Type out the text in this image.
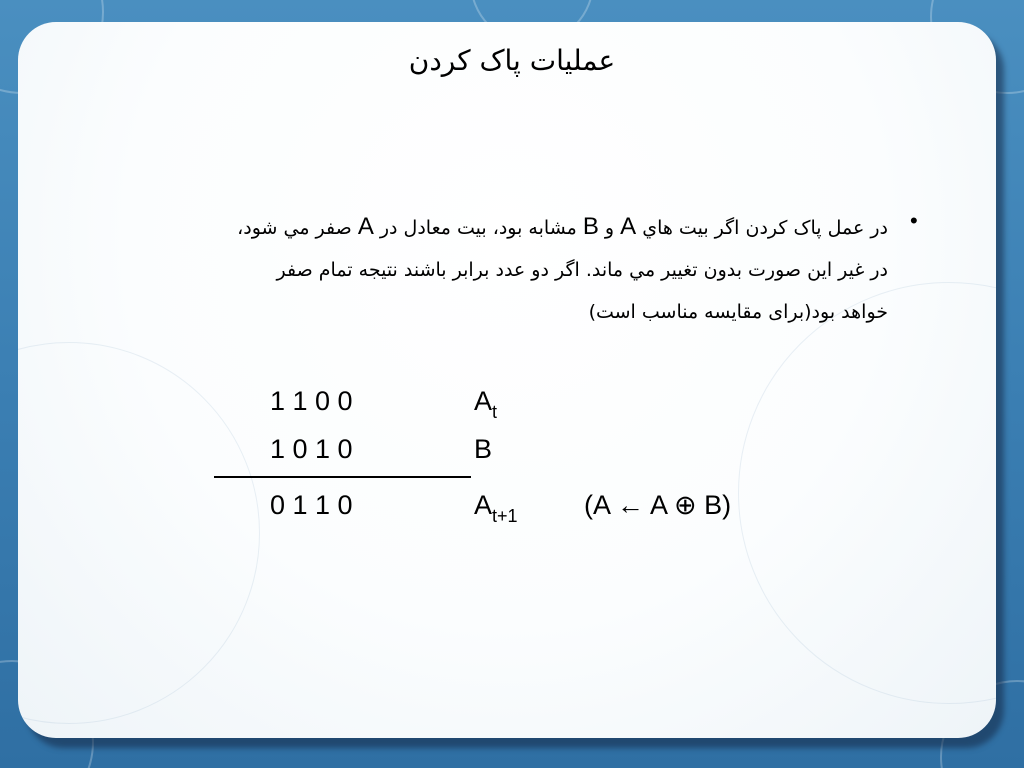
عمليات پاک کردن
•
در عمل پاک کردن اگر بيت هاي A و B مشابه بود، بيت معادل در A صفر مي شود،
در غير اين صورت بدون تغيير مي ماند. اگر دو عدد برابر باشند نتيجه تمام صفر
خواهد بود(برای مقايسه مناسب است)
1 1 0 0	$A_t$
1 0 1 0	B
0 1 1 0	$A_{t+1}$ (A ← A ⊕ B)
